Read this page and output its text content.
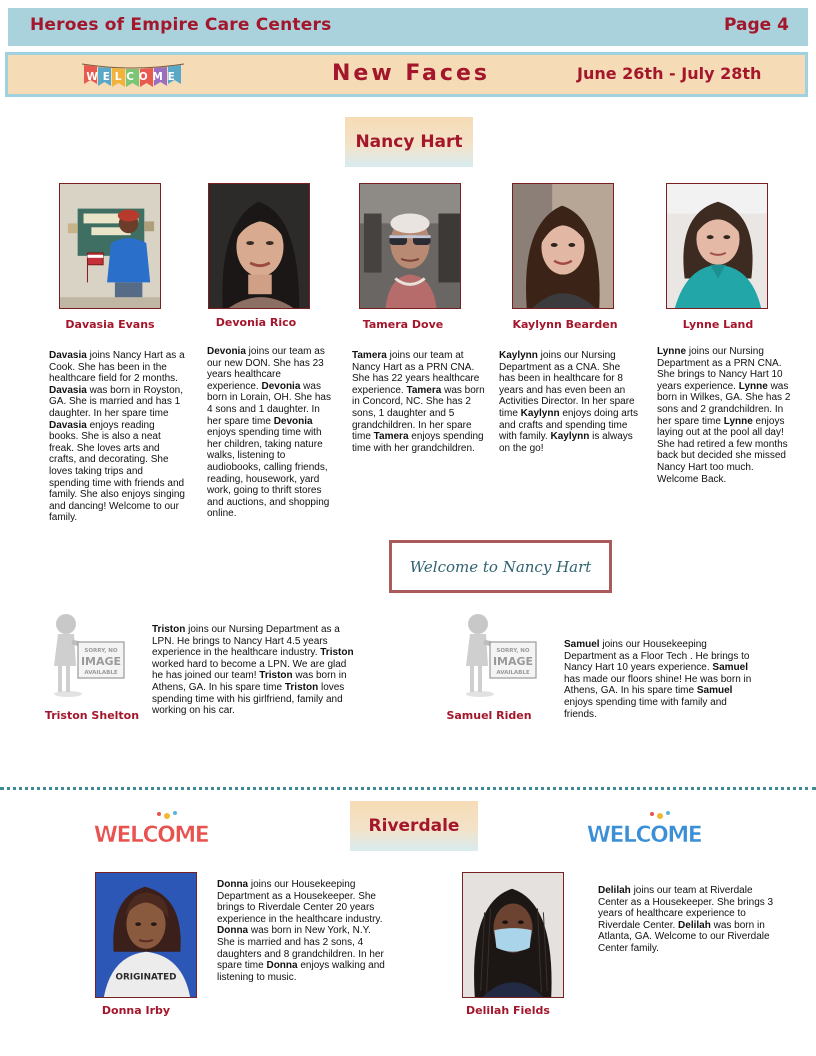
Heroes of Empire Care Centers	Page 4
WELCOME	New Faces	June 26th - July 28th
Nancy Hart
Davasia Evans
Davasia joins Nancy Hart as a Cook. She has been in the healthcare field for 2 months. Davasia was born in Royston, GA. She is married and has 1 daughter. In her spare time Davasia enjoys reading books. She is also a neat freak. She loves arts and crafts, and decorating. She loves taking trips and spending time with friends and family. She also enjoys singing and dancing! Welcome to our family.
Devonia Rico
Devonia joins our team as our new DON. She has 23 years healthcare experience. Devonia was born in Lorain, OH. She has 4 sons and 1 daughter. In her spare time Devonia enjoys spending time with her children, taking nature walks, listening to audiobooks, calling friends, reading, housework, yard work, going to thrift stores and auctions, and shopping online.
Tamera Dove
Tamera joins our team at Nancy Hart as a PRN CNA. She has 22 years healthcare experience. Tamera was born in Concord, NC. She has 2 sons, 1 daughter and 5 grandchildren. In her spare time Tamera enjoys spending time with her grandchildren.
Kaylynn Bearden
Kaylynn joins our Nursing Department as a CNA. She has been in healthcare for 8 years and has even been an Activities Director. In her spare time Kaylynn enjoys doing arts and crafts and spending time with family. Kaylynn is always on the go!
Lynne Land
Lynne joins our Nursing Department as a PRN CNA. She brings to Nancy Hart 10 years experience. Lynne was born in Wilkes, GA. She has 2 sons and 2 grandchildren. In her spare time Lynne enjoys laying out at the pool all day! She had retired a few months back but decided she missed Nancy Hart too much. Welcome Back.
Welcome to Nancy Hart
SORRY, NO
IMAGE
AVAILABLE
Triston Shelton
Triston joins our Nursing Department as a LPN. He brings to Nancy Hart 4.5 years experience in the healthcare industry. Triston worked hard to become a LPN. We are glad he has joined our team! Triston was born in Athens, GA. In his spare time Triston loves spending time with his girlfriend, family and working on his car.
SORRY, NO
IMAGE
AVAILABLE
Samuel Riden
Samuel joins our Housekeeping Department as a Floor Tech . He brings to Nancy Hart 10 years experience. Samuel has made our floors shine! He was born in Athens, GA. In his spare time Samuel enjoys spending time with family and friends.
Riverdale
WELCOME	WELCOME
ORIGINATED
Donna Irby
Donna joins our Housekeeping Department as a Housekeeper. She brings to Riverdale Center 20 years experience in the healthcare industry. Donna was born in New York, N.Y. She is married and has 2 sons, 4 daughters and 8 grandchildren. In her spare time Donna enjoys walking and listening to music.
Delilah Fields
Delilah joins our team at Riverdale Center as a Housekeeper. She brings 3 years of healthcare experience to Riverdale Center. Delilah was born in Atlanta, GA. Welcome to our Riverdale Center family.
